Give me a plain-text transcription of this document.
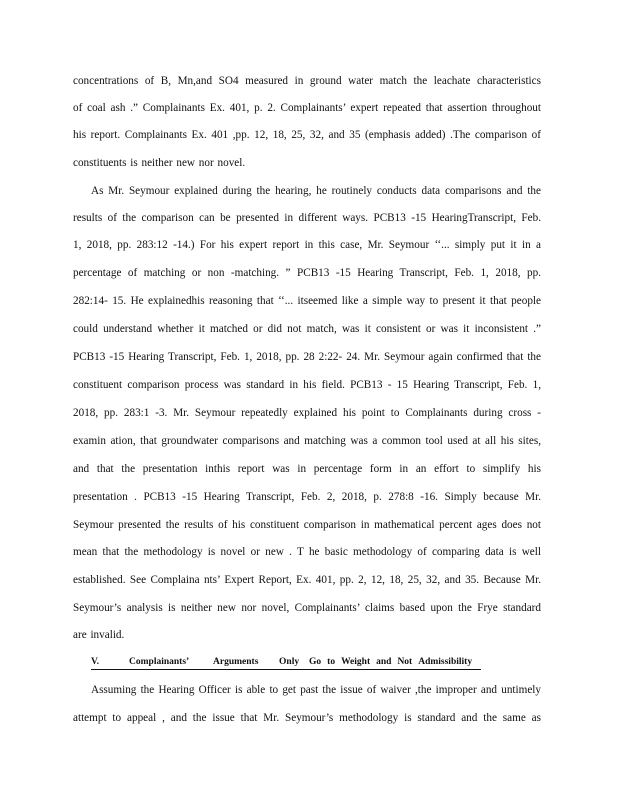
concentrations of B, Mn,and SO4 measured in ground water match the leachate characteristics
of coal ash .” Complainants Ex. 401, p. 2. Complainants’ expert repeated that assertion throughout
his report. Complainants Ex. 401 ,pp. 12, 18, 25, 32, and 35 (emphasis added) .The comparison of
constituents is neither new nor novel.
As Mr. Seymour explained during the hearing, he routinely conducts data comparisons and the
results of the comparison can be presented in different ways. PCB13 -15 HearingTranscript, Feb.
1, 2018, pp. 283:12 -14.) For his expert report in this case, Mr. Seymour ‘‘... simply put it in a
percentage of matching or non -matching. ” PCB13 -15 Hearing Transcript, Feb. 1, 2018, pp.
282:14- 15. He explainedhis reasoning that ‘‘... itseemed like a simple way to present it that people
could understand whether it matched or did not match, was it consistent or was it inconsistent .”
PCB13 -15 Hearing Transcript, Feb. 1, 2018, pp. 28 2:22- 24. Mr. Seymour again confirmed that the
constituent comparison process was standard in his field. PCB13 - 15 Hearing Transcript, Feb. 1,
2018, pp. 283:1 -3. Mr. Seymour repeatedly explained his point to Complainants during cross -
examin ation, that groundwater comparisons and matching was a common tool used at all his sites,
and that the presentation inthis report was in percentage form in an effort to simplify his
presentation . PCB13 -15 Hearing Transcript, Feb. 2, 2018, p. 278:8 -16. Simply because Mr.
Seymour presented the results of his constituent comparison in mathematical percent ages does not
mean that the methodology is novel or new . T he basic methodology of comparing data is well
established. See Complaina nts’ Expert Report, Ex. 401, pp. 2, 12, 18, 25, 32, and 35. Because Mr.
Seymour’s analysis is neither new nor novel, Complainants’ claims based upon the Frye standard
are invalid.
V.	Complainants’	Arguments	Only	Go to Weight and Not Admissibility
Assuming the Hearing Officer is able to get past the issue of waiver ,the improper and untimely
attempt to appeal , and the issue that Mr. Seymour’s methodology is standard and the same as
